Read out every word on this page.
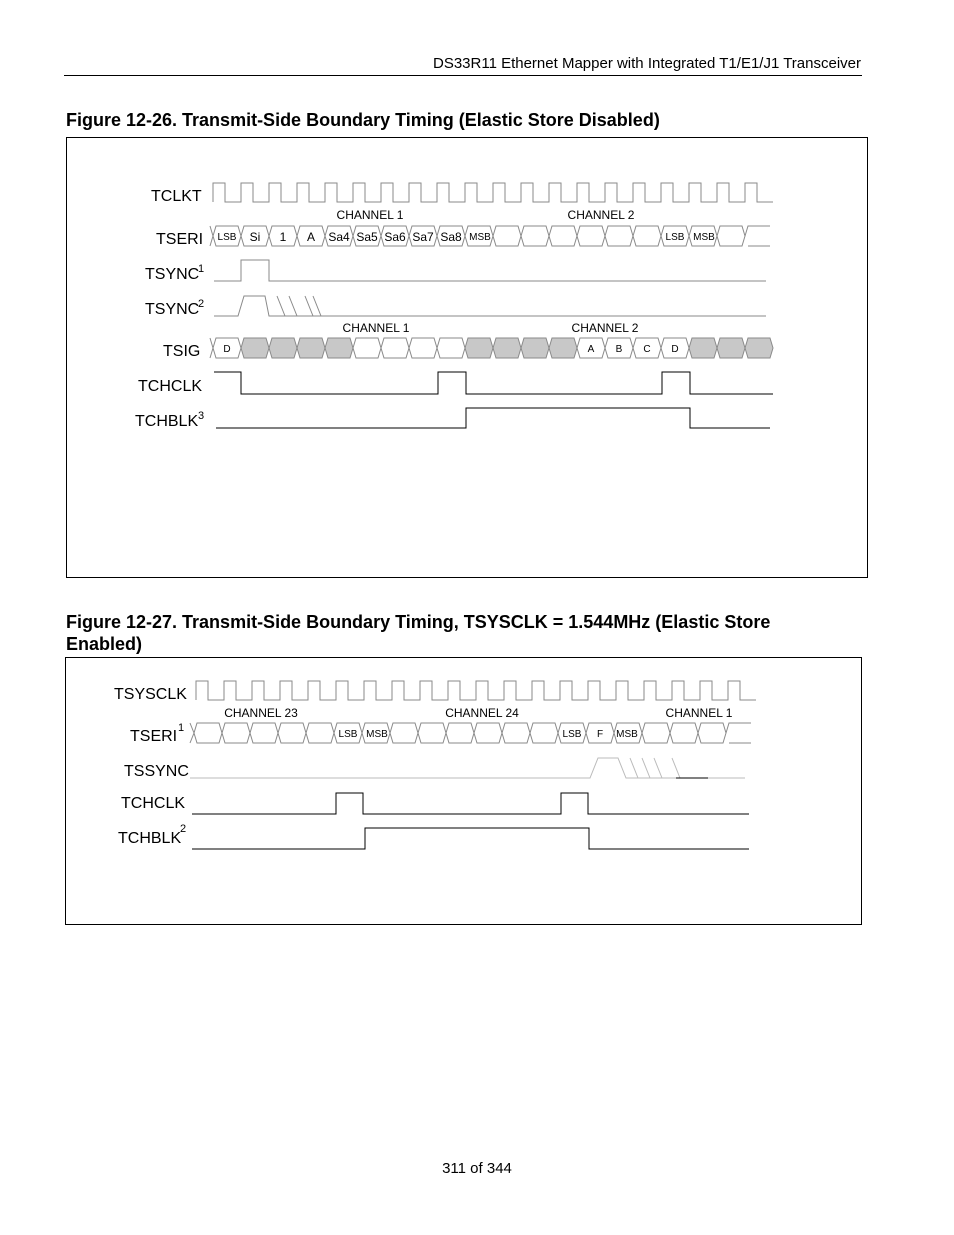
DS33R11 Ethernet Mapper with Integrated T1/E1/J1 Transceiver
Figure 12-26. Transmit-Side Boundary Timing (Elastic Store Disabled)
Figure 12-27. Transmit-Side Boundary Timing, TSYSCLK = 1.544MHz (Elastic Store
Enabled)
TCLKT
TSERI
TSYNC
1
TSYNC
2
TSIG
TCHCLK
TCHBLK 3
CHANNEL 1	CHANNEL 2
CHANNEL 1	CHANNEL 2
LSB Si 1 A Sa4 Sa5 Sa6 Sa7 Sa8 MSB	LSB MSB
D	A B C D
TSYSCLK
TSERI 1
TSSYNC
TCHCLK
TCHBLK
2
CHANNEL 23	CHANNEL 24	CHANNEL 1
LSB MSB	LSB F MSB
311 of 344
